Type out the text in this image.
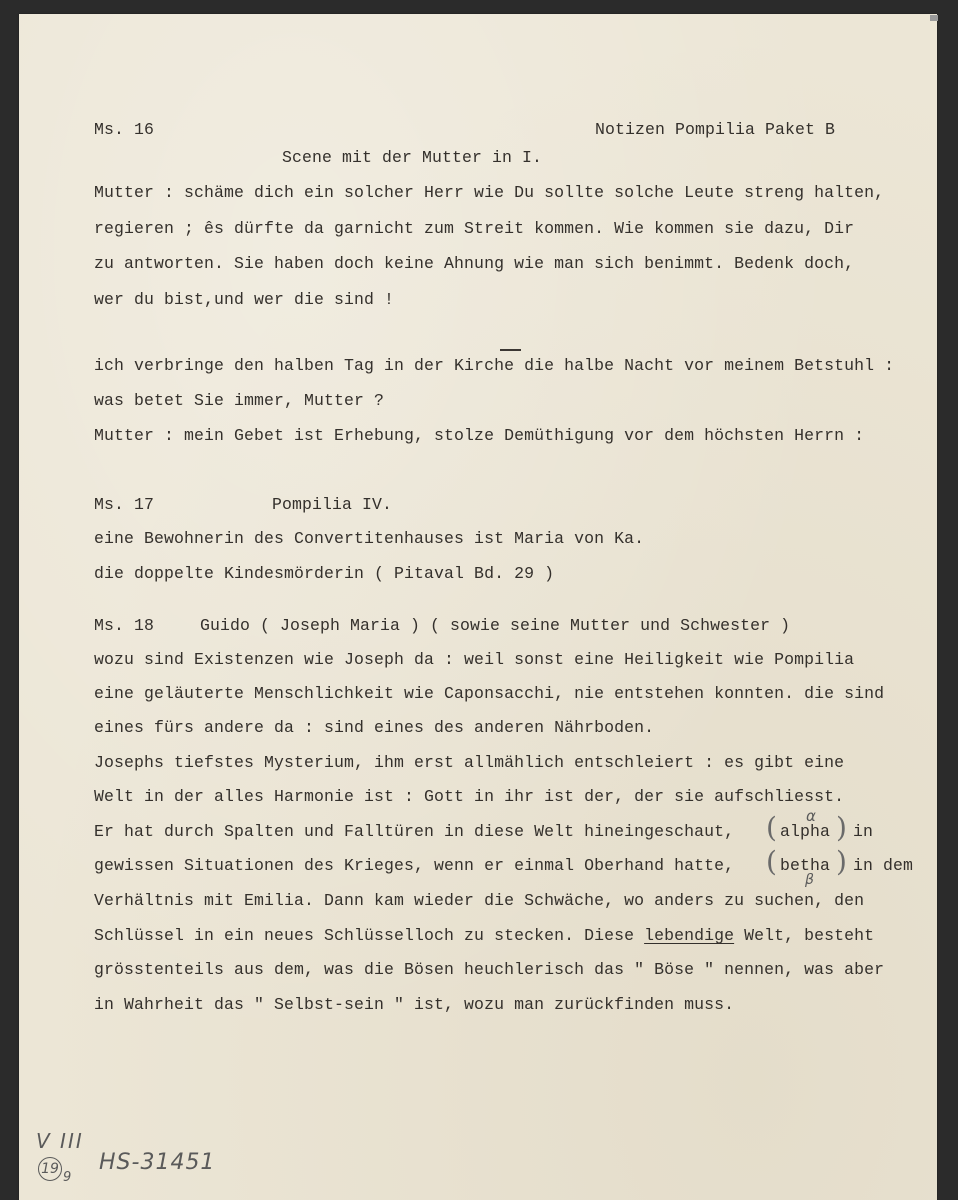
Ms. 16	Notizen Pompilia Paket B
Scene mit der Mutter in I.
Mutter : schäme dich ein solcher Herr wie Du sollte solche Leute streng halten,
regieren ; ês dürfte da garnicht zum Streit kommen. Wie kommen sie dazu, Dir
zu antworten. Sie haben doch keine Ahnung wie man sich benimmt. Bedenk doch,
wer du bist,und wer die sind !
ich verbringe den halben Tag in der Kirche die halbe Nacht vor meinem Betstuhl :
was betet Sie immer, Mutter ?
Mutter : mein Gebet ist Erhebung, stolze Demüthigung vor dem höchsten Herrn :
Ms. 17	Pompilia IV.
eine Bewohnerin des Convertitenhauses ist Maria von Ka.
die doppelte Kindesmörderin ( Pitaval Bd. 29 )
Ms. 18	Guido ( Joseph Maria ) ( sowie seine Mutter und Schwester )
wozu sind Existenzen wie Joseph da : weil sonst eine Heiligkeit wie Pompilia
eine geläuterte Menschlichkeit wie Caponsacchi, nie entstehen konnten. die sind
eines fürs andere da : sind eines des anderen Nährboden.
Josephs tiefstes Mysterium, ihm erst allmählich entschleiert : es gibt eine
Welt in der alles Harmonie ist : Gott in ihr ist der, der sie aufschliesst.
Er hat durch Spalten und Falltüren in diese Welt hineingeschaut, ( alpha ) in
α
gewissen Situationen des Krieges, wenn er einmal Oberhand hatte, ( betha ) in dem
β
Verhältnis mit Emilia. Dann kam wieder die Schwäche, wo anders zu suchen, den
Schlüssel in ein neues Schlüsselloch zu stecken. Diese lebendige Welt, besteht
grösstenteils aus dem, was die Bösen heuchlerisch das " Böse " nennen, was aber
in Wahrheit das " Selbst-sein " ist, wozu man zurückfinden muss.
V III
19
9
HS-31451
